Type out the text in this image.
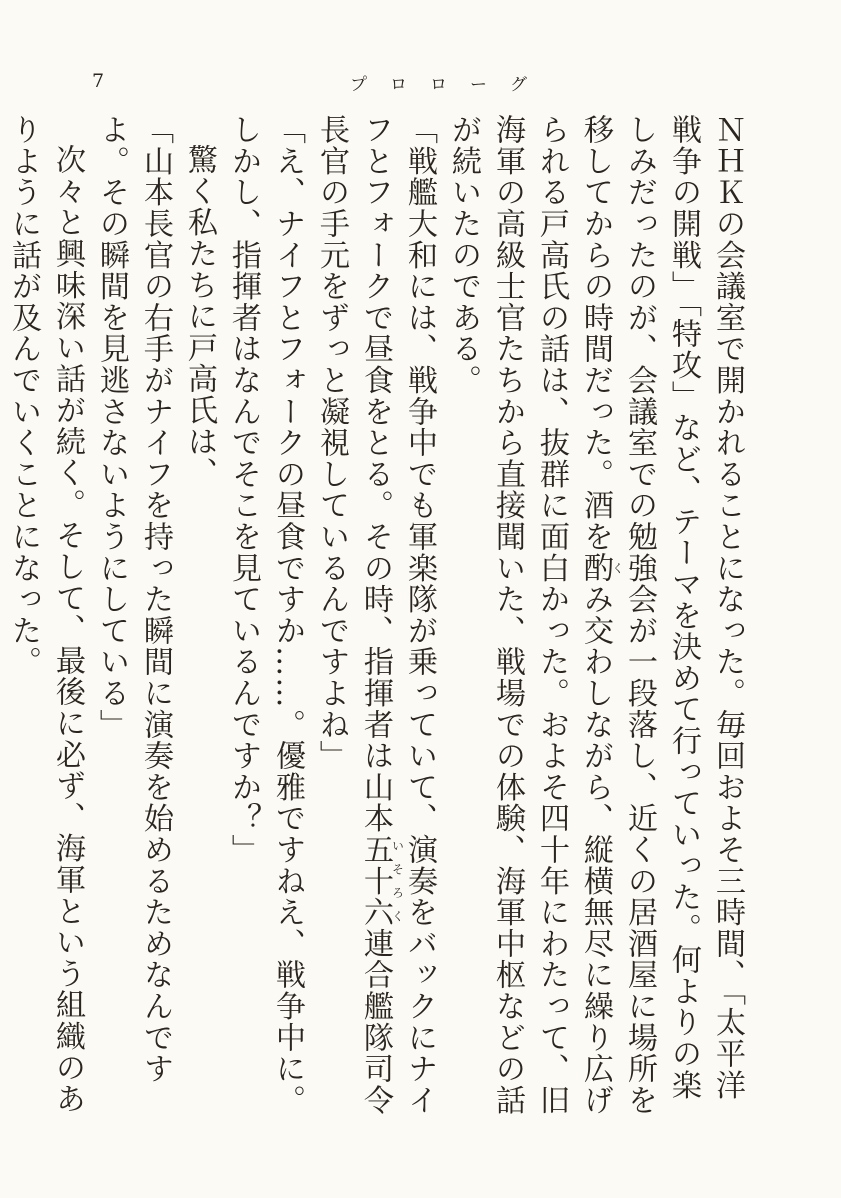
7	プロローグ

ＮＨＫの会議室で開かれることになった。毎回およそ三時間、「太平洋戦争の開戦」「特攻」など、テーマを決めて行っていった。何よりの楽しみだったのが、会議室での勉強会が一段落し、近くの居酒屋に場所を移してからの時間だった。酒を酌くみ交わしながら、縦横無尽に繰り広げられる戸高氏の話は、抜群に面白かった。およそ四十年にわたって、旧海軍の高級士官たちから直接聞いた、戦場での体験、海軍中枢などの話が続いたのである。

「戦艦大和には、戦争中でも軍楽隊が乗っていて、演奏をバックにナイフとフォークで昼食をとる。その時、指揮者は山本五十六いそろく連合艦隊司令長官の手元をずっと凝視しているんですよね」

「え、ナイフとフォークの昼食ですか……。優雅ですねえ、戦争中に。しかし、指揮者はなんでそこを見ているんですか？」

驚く私たちに戸高氏は、

「山本長官の右手がナイフを持った瞬間に演奏を始めるためなんですよ。その瞬間を見逃さないようにしている」

次々と興味深い話が続く。そして、最後に必ず、海軍という組織のありように話が及んでいくことになった。
